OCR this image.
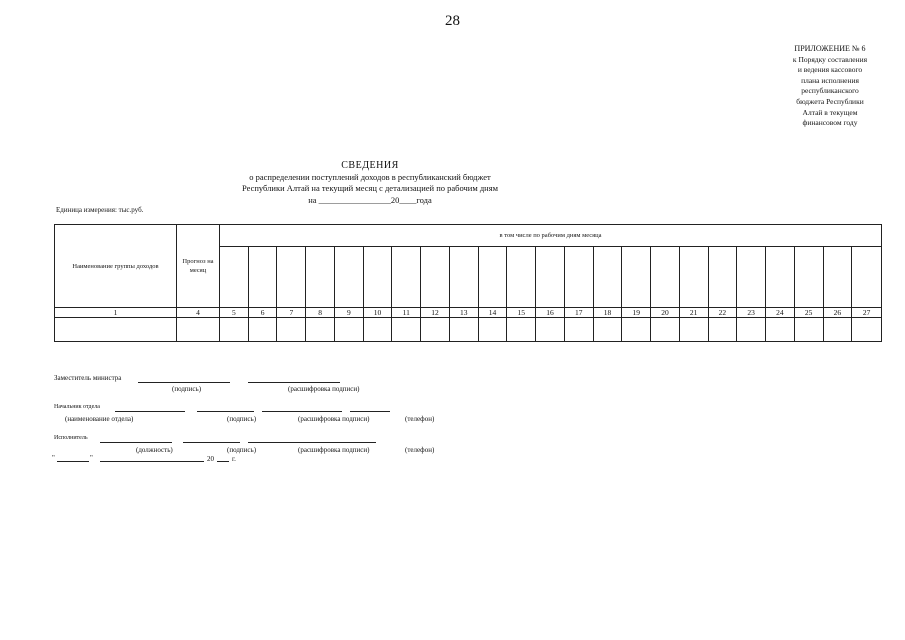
28
ПРИЛОЖЕНИЕ № 6
к Порядку составления
и ведения кассового
плана исполнения
республиканского
бюджета Республики
Алтай в текущем
финансовом году
СВЕДЕНИЯ
о распределении поступлений доходов в республиканский бюджет
Республики Алтай на текущий месяц с детализацией по рабочим дням
на _________________20____года
Единица измерения: тыс.руб.
Наименование группы доходов
Прогноз на месяц
в том числе по рабочим дням месяца
1	4	5	6	7	8	9	10	11	12	13	14	15	16	17	18	19	20	21	22	23	24	25	26	27
Заместитель министра
(подпись)	(расшифровка подписи)
Начальник отдела
(наименование отдела)	(подпись)	(расшифровка подписи)	(телефон)
Исполнитель
(должность)	(подпись)	(расшифровка подписи)	(телефон)
"	"	20	г.
